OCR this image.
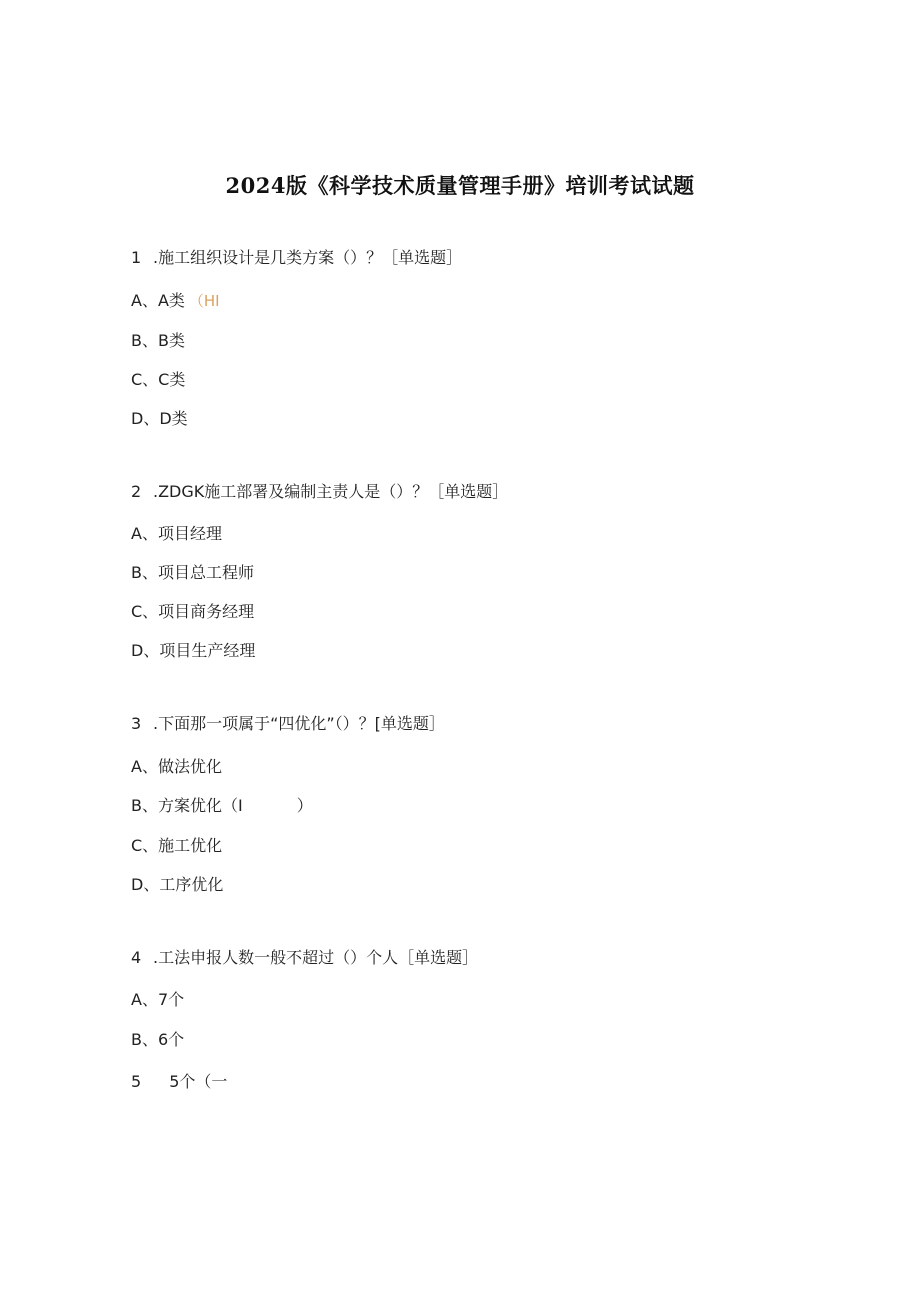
2024版《科学技术质量管理手册》培训考试试题
1 .施工组织设计是几类方案（）？［单选题］
A、A类 （HI
B、B类
C、C类
D、D类
2 .ZDGK施工部署及编制主责人是（）？［单选题］
A、项目经理
B、项目总工程师
C、项目商务经理
D、项目生产经理
3 .下面那一项属于“四优化”（）？[单选题］
A、做法优化
B、方案优化（I	）
C、施工优化
D、工序优化
4 .工法申报人数一般不超过（）个人［单选题］
A、7个
B、6个
5 5个（一
